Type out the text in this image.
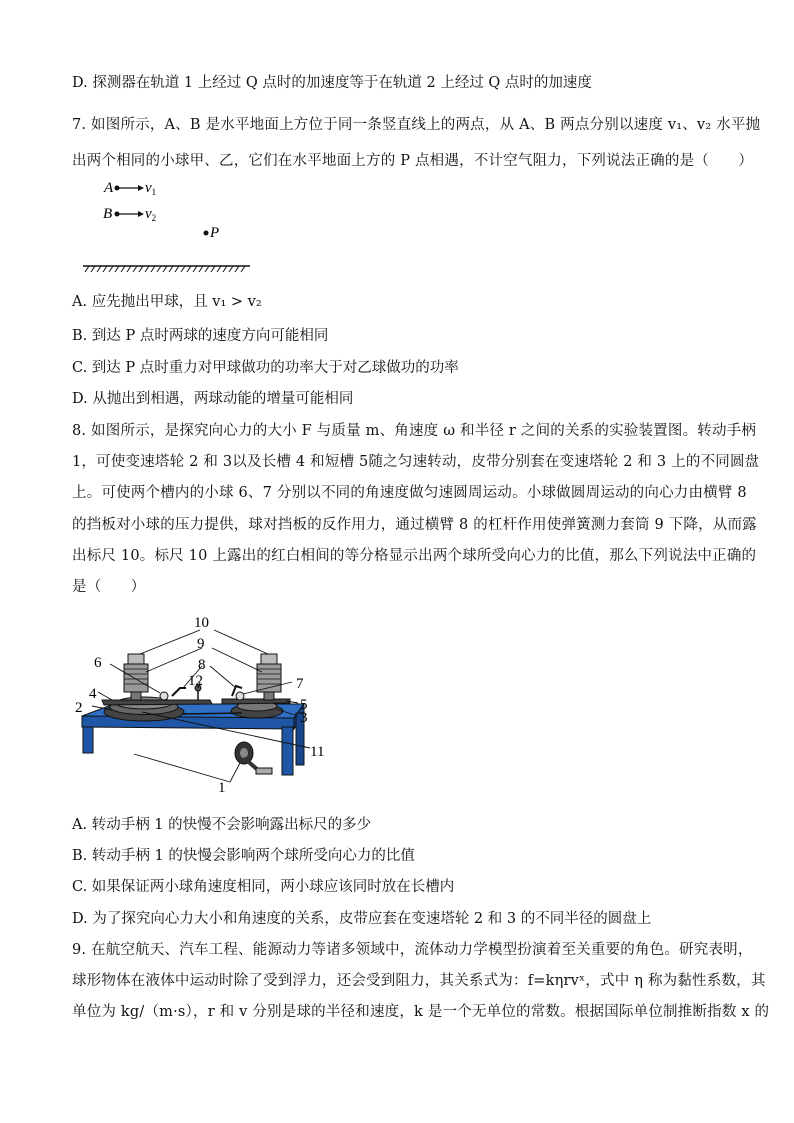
D. 探测器在轨道 1 上经过 Q 点时的加速度等于在轨道 2 上经过 Q 点时的加速度
7. 如图所示，A、B 是水平地面上方位于同一条竖直线上的两点，从 A、B 两点分别以速度 v₁、v₂ 水平抛
出两个相同的小球甲、乙，它们在水平地面上方的 P 点相遇，不计空气阻力，下列说法正确的是（　　）
A $v_1$
B $v_2$
P
A. 应先抛出甲球，且 v₁ > v₂
B. 到达 P 点时两球的速度方向可能相同
C. 到达 P 点时重力对甲球做功的功率大于对乙球做功的功率
D. 从抛出到相遇，两球动能的增量可能相同
8. 如图所示，是探究向心力的大小 F 与质量 m、角速度 ω 和半径 r 之间的关系的实验装置图。转动手柄
1，可使变速塔轮 2 和 3以及长槽 4 和短槽 5随之匀速转动，皮带分别套在变速塔轮 2 和 3 上的不同圆盘
上。可使两个槽内的小球 6、7 分别以不同的角速度做匀速圆周运动。小球做圆周运动的向心力由横臂 8
的挡板对小球的压力提供，球对挡板的反作用力，通过横臂 8 的杠杆作用使弹簧测力套筒 9 下降，从而露
出标尺 10。标尺 10 上露出的红白相间的等分格显示出两个球所受向心力的比值，那么下列说法中正确的
是（　　）
10
9
6	8
12	7
4
5
2
3
11
1
A. 转动手柄 1 的快慢不会影响露出标尺的多少
B. 转动手柄 1 的快慢会影响两个球所受向心力的比值
C. 如果保证两小球角速度相同，两小球应该同时放在长槽内
D. 为了探究向心力大小和角速度的关系，皮带应套在变速塔轮 2 和 3 的不同半径的圆盘上
9. 在航空航天、汽车工程、能源动力等诸多领域中，流体动力学模型扮演着至关重要的角色。研究表明，
球形物体在液体中运动时除了受到浮力，还会受到阻力，其关系式为：f=kηrvˣ，式中 η 称为黏性系数，其
单位为 kg/（m·s），r 和 v 分别是球的半径和速度，k 是一个无单位的常数。根据国际单位制推断指数 x 的
